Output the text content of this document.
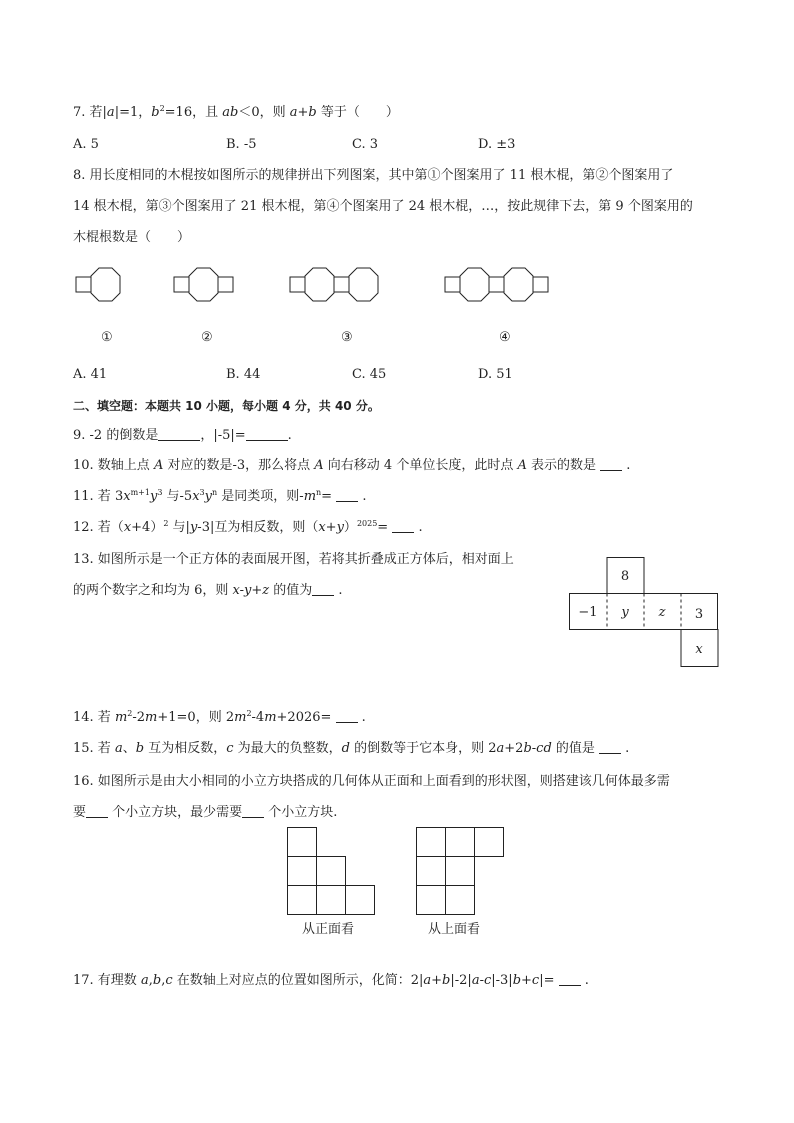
7. 若|a|=1，$b^2=16$，且 ab＜0，则 a+b 等于（　　）
A. 5	B. -5	C. 3	D. ±3
8. 用长度相同的木棍按如图所示的规律拼出下列图案，其中第①个图案用了 11 根木棍，第②个图案用了
14 根木棍，第③个图案用了 21 根木棍，第④个图案用了 24 根木棍，…，按此规律下去，第 9 个图案用的
木棍根数是（　　）
①	②	③	④
A. 41	B. 44	C. 45	D. 51
二、填空题：本题共 10 小题，每小题 4 分，共 40 分。
9. -2 的倒数是	，|-5|=	.
10. 数轴上点 A 对应的数是-3，那么将点 A 向右移动 4 个单位长度，此时点 A 表示的数是  .
11. 若 $3x^{m+1}y^3$ 与$-5x^3y^n$ 是同类项，则$-m^n=$  .
12. 若$(x+4)^2$ 与|y-3|互为相反数，则$(x+y)^{2025}=$  .
13. 如图所示是一个正方体的表面展开图，若将其折叠成正方体后，相对面上
的两个数字之和均为 6，则 x-y+z 的值为 .
8
−1 y z 3
x
14. 若 $m^2-2m+1=0$，则 $2m^2-4m+2026=$  .
15. 若 a、b 互为相反数，c 为最大的负整数，d 的倒数等于它本身，则 2a+2b-cd 的值是  .
16. 如图所示是由大小相同的小立方块搭成的几何体从正面和上面看到的形状图，则搭建该几何体最多需
要 个小立方块，最少需要 个小立方块.
从正面看	从上面看
17. 有理数 a,b,c 在数轴上对应点的位置如图所示，化简：2|a+b|-2|a-c|-3|b+c|=  .
